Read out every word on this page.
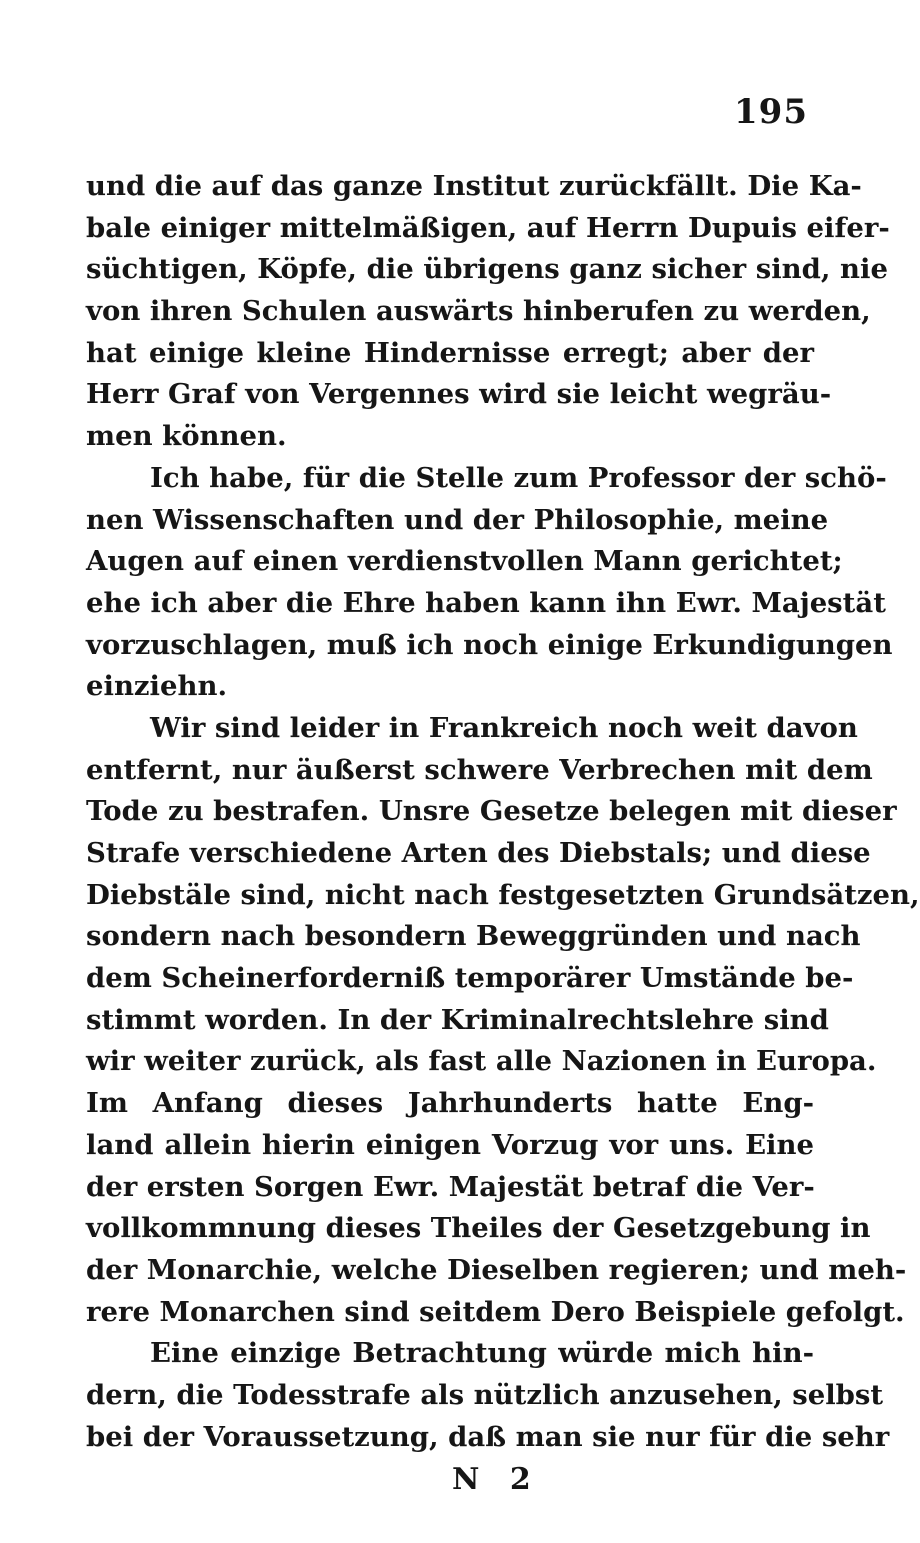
195
und die auf das ganze Institut zurückfällt. Die Ka-
bale einiger mittelmäßigen, auf Herrn Dupuis eifer-
süchtigen, Köpfe, die übrigens ganz sicher sind, nie
von ihren Schulen auswärts hinberufen zu werden,
hat einige kleine Hindernisse erregt; aber der
Herr Graf von Vergennes wird sie leicht wegräu-
men können.
Ich habe, für die Stelle zum Professor der schö-
nen Wissenschaften und der Philosophie, meine
Augen auf einen verdienstvollen Mann gerichtet;
ehe ich aber die Ehre haben kann ihn Ewr. Majestät
vorzuschlagen, muß ich noch einige Erkundigungen
einziehn.
Wir sind leider in Frankreich noch weit davon
entfernt, nur äußerst schwere Verbrechen mit dem
Tode zu bestrafen. Unsre Gesetze belegen mit dieser
Strafe verschiedene Arten des Diebstals; und diese
Diebstäle sind, nicht nach festgesetzten Grundsätzen,
sondern nach besondern Beweggründen und nach
dem Scheinerforderniß temporärer Umstände be-
stimmt worden. In der Kriminalrechtslehre sind
wir weiter zurück, als fast alle Nazionen in Europa.
Im Anfang dieses Jahrhunderts hatte Eng-
land allein hierin einigen Vorzug vor uns. Eine
der ersten Sorgen Ewr. Majestät betraf die Ver-
vollkommnung dieses Theiles der Gesetzgebung in
der Monarchie, welche Dieselben regieren; und meh-
rere Monarchen sind seitdem Dero Beispiele gefolgt.
Eine einzige Betrachtung würde mich hin-
dern, die Todesstrafe als nützlich anzusehen, selbst
bei der Voraussetzung, daß man sie nur für die sehr
N 2
